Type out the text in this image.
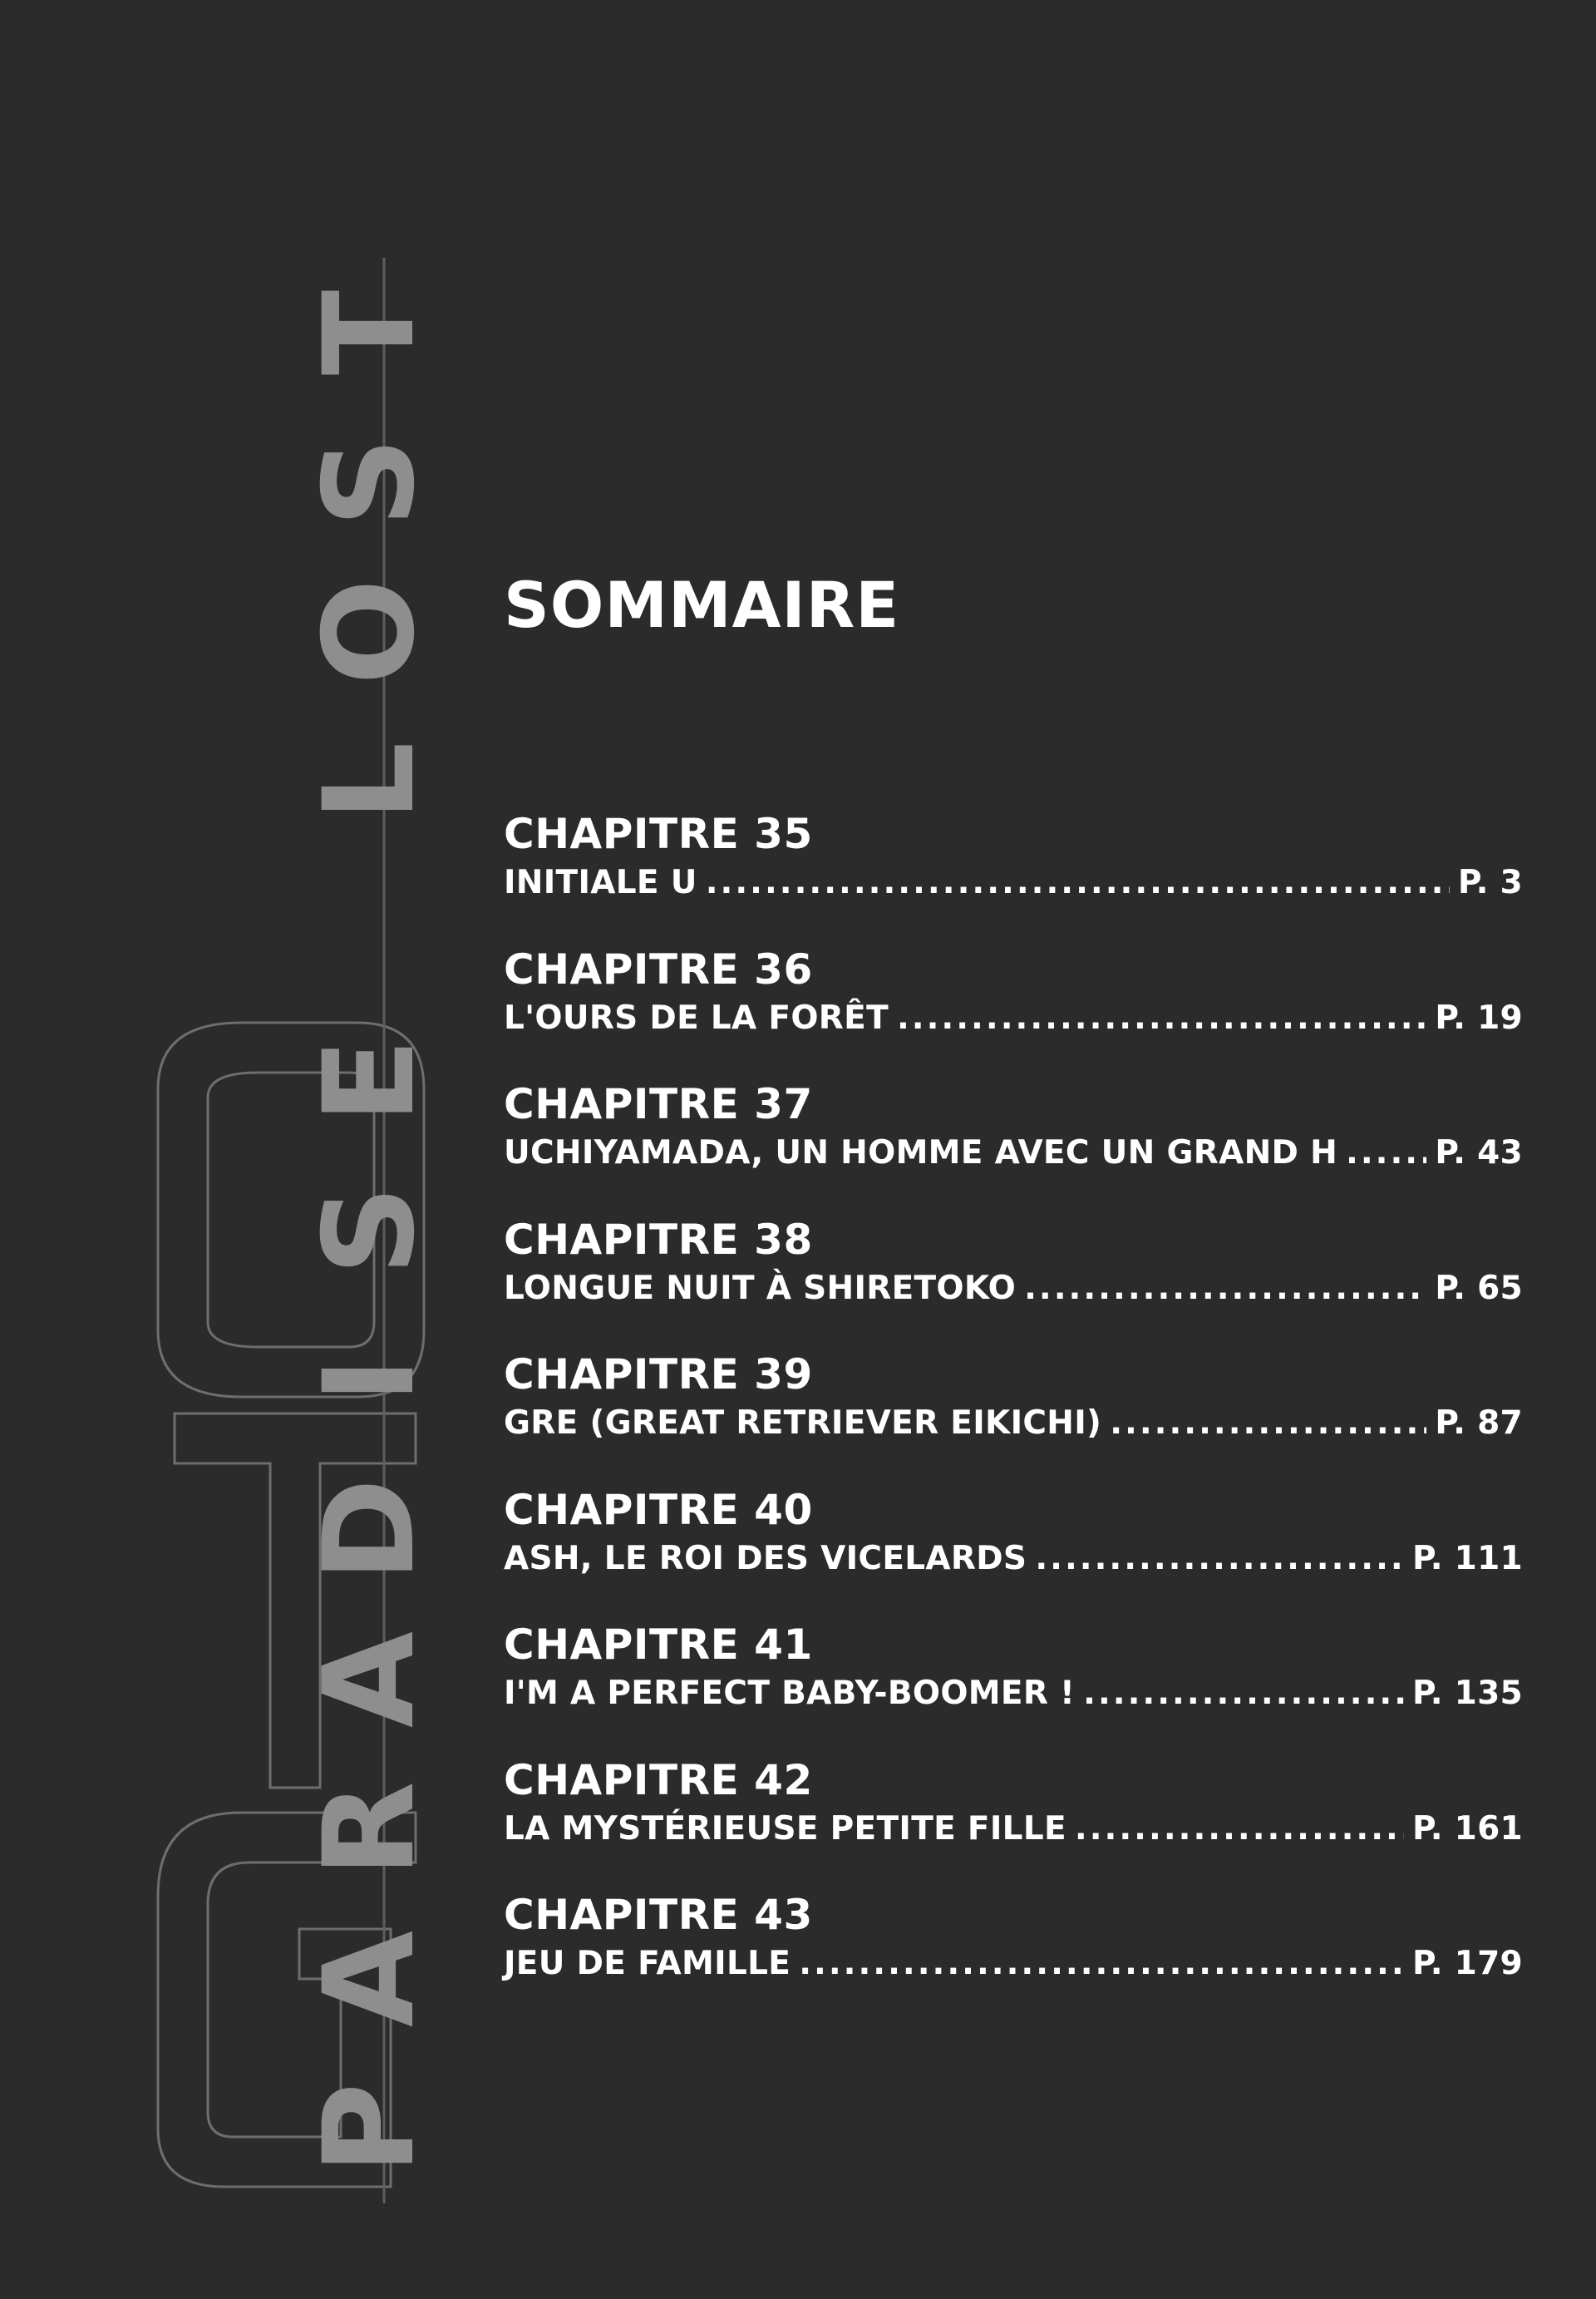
P
A
R
A
D
I
S
E
L
O
S
T
SOMMAIRE
CHAPITRE 35
INITIALE U .....	P. 3
CHAPITRE 36
L'OURS DE LA FORÊT .....	P. 19
CHAPITRE 37
UCHIYAMADA, UN HOMME AVEC UN GRAND H .....	P. 43
CHAPITRE 38
LONGUE NUIT À SHIRETOKO .....	P. 65
CHAPITRE 39
GRE (GREAT RETRIEVER EIKICHI) .....	P. 87
CHAPITRE 40
ASH, LE ROI DES VICELARDS .....	P. 111
CHAPITRE 41
I'M A PERFECT BABY-BOOMER ! .....	P. 135
CHAPITRE 42
LA MYSTÉRIEUSE PETITE FILLE .....	P. 161
CHAPITRE 43
JEU DE FAMILLE .....	P. 179
